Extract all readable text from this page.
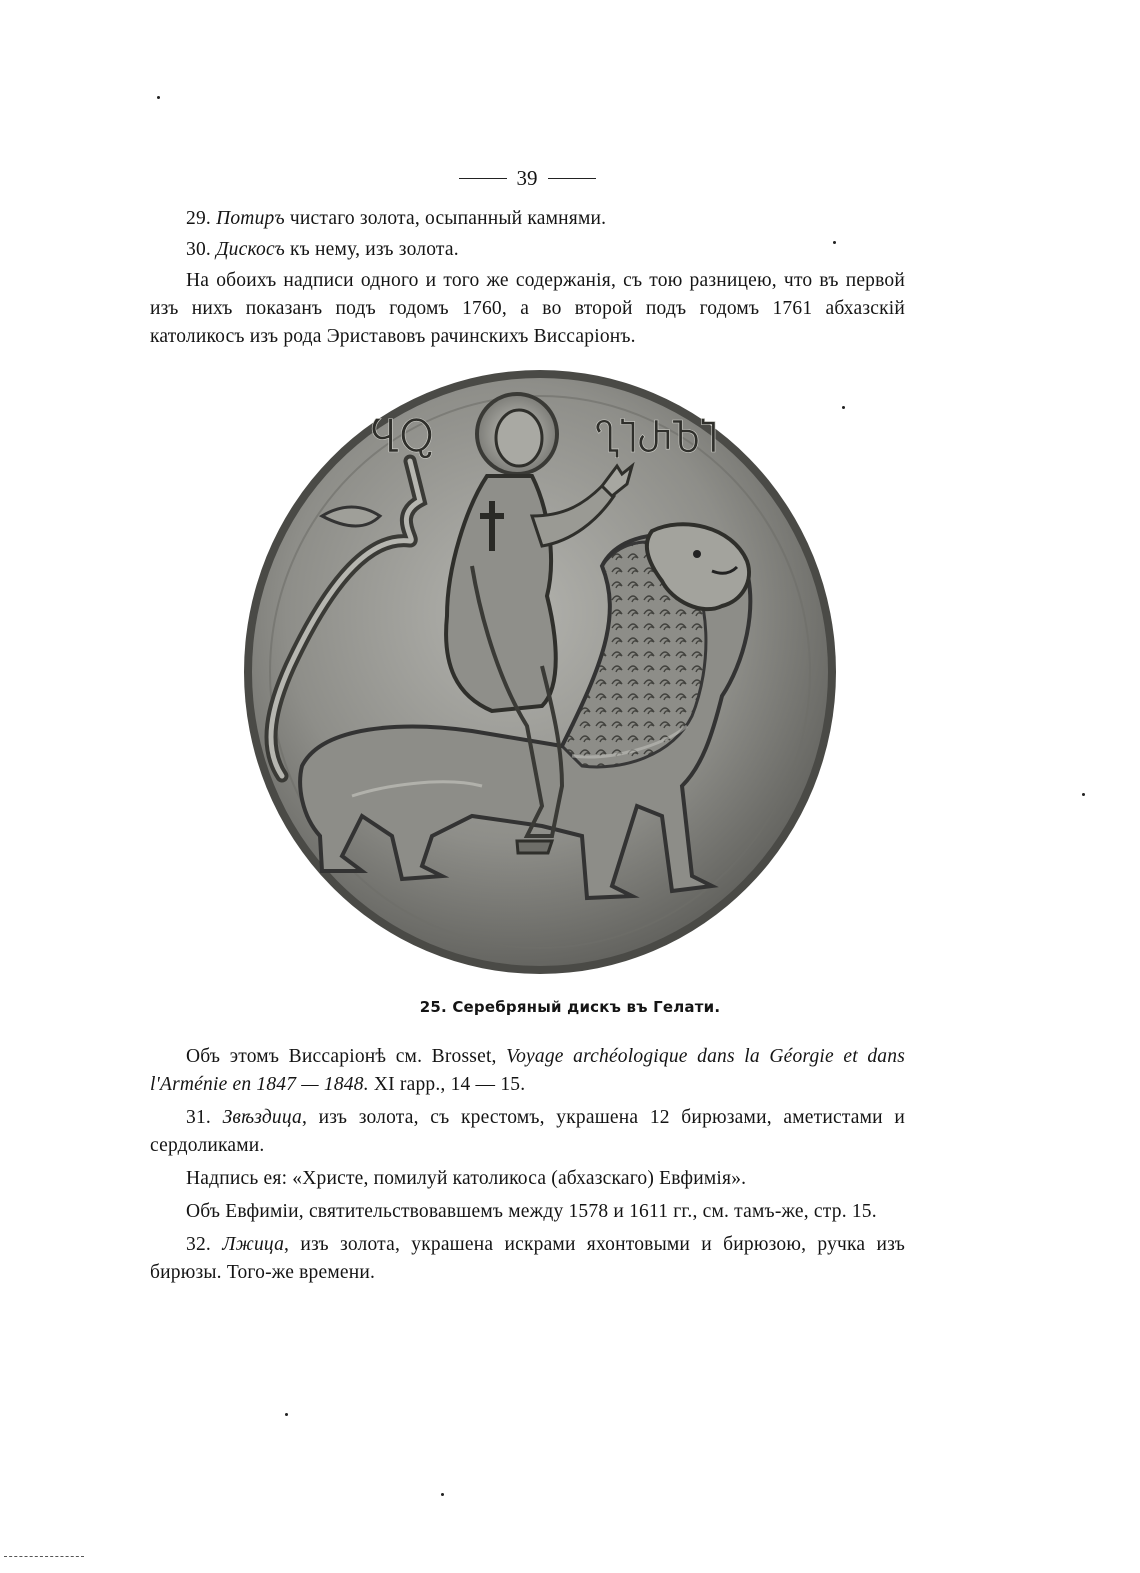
39

29. Потиръ чистаго золота, осыпанный камнями.

30. Дискосъ къ нему, изъ золота.

На обоихъ надписи одного и того же содержанія, съ тою разницею, что въ первой изъ нихъ показанъ подъ годомъ 1760, а во второй подъ годомъ 1761 абхазскій католикосъ изъ рода Эриставовъ рачинскихъ Виссаріонъ.

ႡႭ	ႢႨႰႦႨ
25. Серебряный дискъ въ Гелати.

Объ этомъ Виссаріонѣ см. Brosset, Voyage archéologique dans la Géorgie et dans l'Arménie en 1847 — 1848. XI rapp., 14 — 15.

31. Звѣздица, изъ золота, съ крестомъ, украшена 12 бирюзами, аметистами и сердоликами.

Надпись ея: «Христе, помилуй католикоса (абхазскаго) Евфимія».

Объ Евфиміи, святительствовавшемъ между 1578 и 1611 гг., см. тамъ-же, стр. 15.

32. Лжица, изъ золота, украшена искрами яхонтовыми и бирюзою, ручка изъ бирюзы. Того-же времени.
